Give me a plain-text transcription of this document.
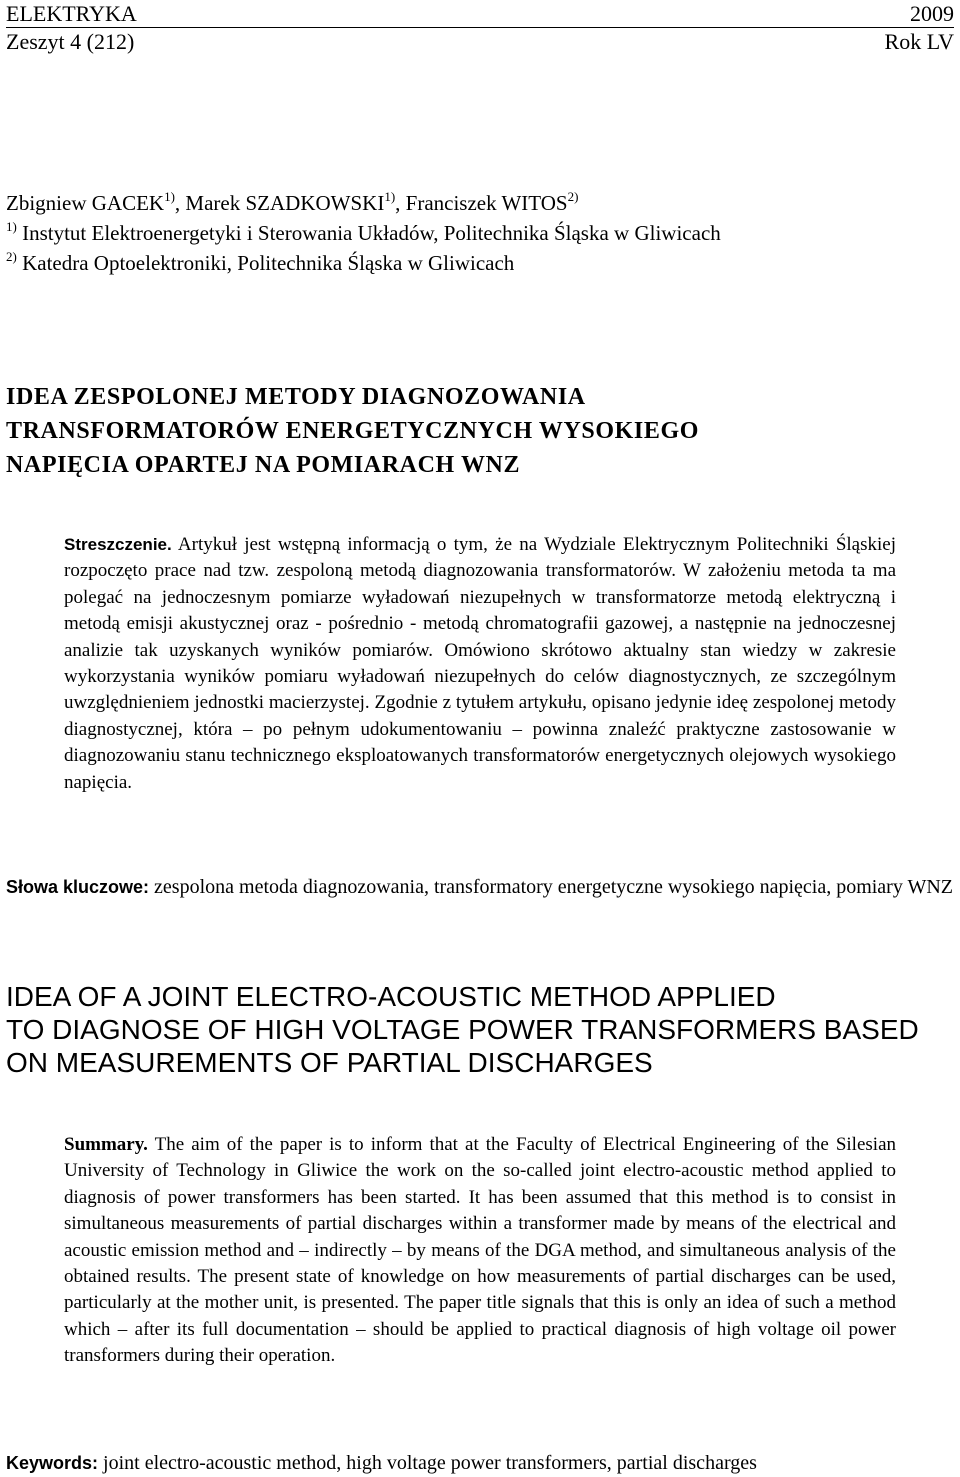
ELEKTRYKA	2009
Zeszyt 4 (212)	Rok LV
Zbigniew GACEK$^{1)}$, Marek SZADKOWSKI$^{1)}$, Franciszek WITOS$^{2)}$
$^{1)}$ Instytut Elektroenergetyki i Sterowania Układów, Politechnika Śląska w Gliwicach
$^{2)}$ Katedra Optoelektroniki, Politechnika Śląska w Gliwicach
IDEA ZESPOLONEJ METODY DIAGNOZOWANIA
TRANSFORMATORÓW ENERGETYCZNYCH WYSOKIEGO
NAPIĘCIA OPARTEJ NA POMIARACH WNZ
Streszczenie. Artykuł jest wstępną informacją o tym, że na Wydziale Elektrycznym Politechniki Śląskiej rozpoczęto prace nad tzw. zespoloną metodą diagnozowania transformatorów. W założeniu metoda ta ma polegać na jednoczesnym pomiarze wyładowań niezupełnych w transformatorze metodą elektryczną i metodą emisji akustycznej oraz - pośrednio - metodą chromatografii gazowej, a następnie na jednoczesnej analizie tak uzyskanych wyników pomiarów. Omówiono skrótowo aktualny stan wiedzy w zakresie wykorzystania wyników pomiaru wyładowań niezupełnych do celów diagnostycznych, ze szczególnym uwzględnieniem jednostki macierzystej. Zgodnie z tytułem artykułu, opisano jedynie ideę zespolonej metody diagnostycznej, która – po pełnym udokumentowaniu – powinna znaleźć praktyczne zastosowanie w diagnozowaniu stanu technicznego eksploatowanych transformatorów energetycznych olejowych wysokiego napięcia.
Słowa kluczowe: zespolona metoda diagnozowania, transformatory energetyczne wysokiego napięcia, pomiary WNZ
IDEA OF A JOINT ELECTRO-ACOUSTIC METHOD APPLIED
TO DIAGNOSE OF HIGH VOLTAGE POWER TRANSFORMERS BASED
ON MEASUREMENTS OF PARTIAL DISCHARGES
Summary. The aim of the paper is to inform that at the Faculty of Electrical Engineering of the Silesian University of Technology in Gliwice the work on the so-called joint electro-acoustic method applied to diagnosis of power transformers has been started. It has been assumed that this method is to consist in simultaneous measurements of partial discharges within a transformer made by means of the electrical and acoustic emission method and – indirectly – by means of the DGA method, and simultaneous analysis of the obtained results. The present state of knowledge on how measurements of partial discharges can be used, particularly at the mother unit, is presented. The paper title signals that this is only an idea of such a method which – after its full documentation – should be applied to practical diagnosis of high voltage oil power transformers during their operation.
Keywords: joint electro-acoustic method, high voltage power transformers, partial discharges
